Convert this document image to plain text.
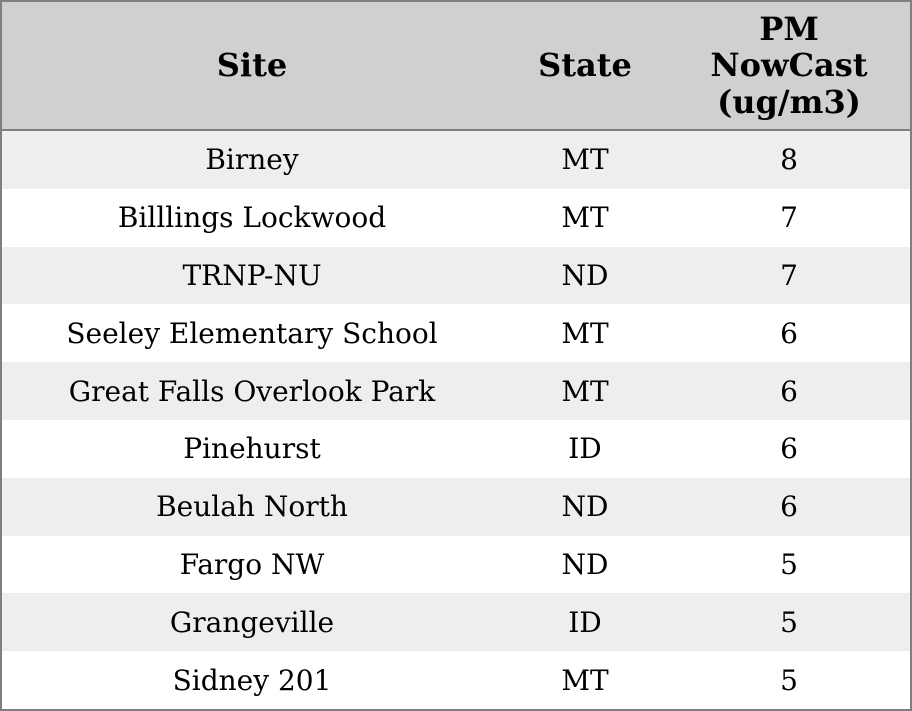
Site	State	PM NowCast (ug/m3)

Birney	MT	8
Billlings Lockwood	MT	7
TRNP-NU	ND	7
Seeley Elementary School	MT	6
Great Falls Overlook Park	MT	6
Pinehurst	ID	6
Beulah North	ND	6
Fargo NW	ND	5
Grangeville	ID	5
Sidney 201	MT	5
